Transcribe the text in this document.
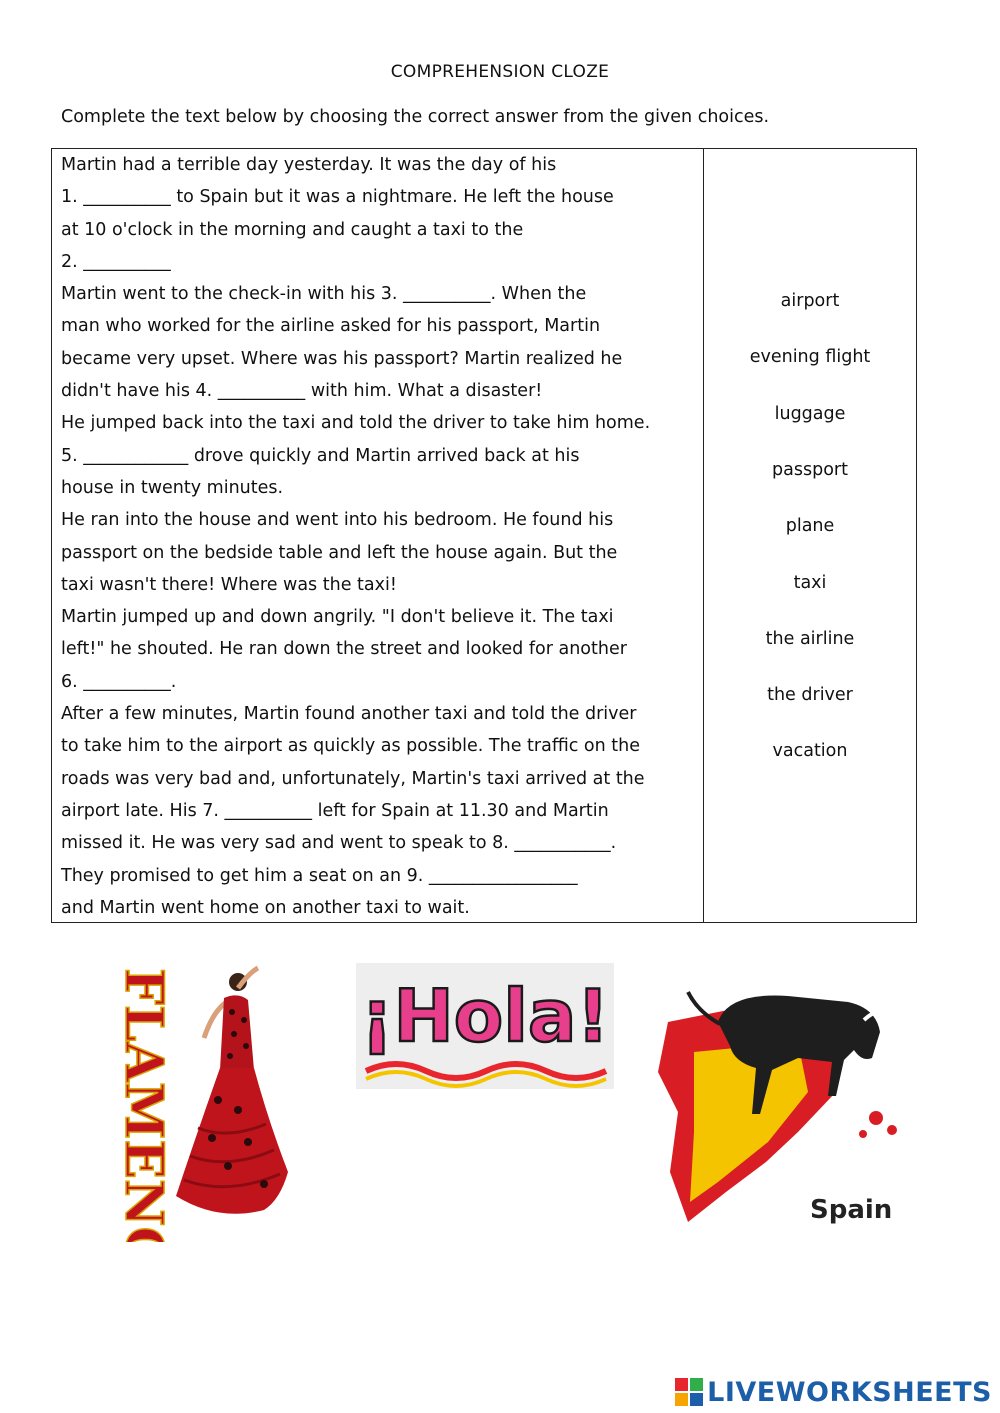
COMPREHENSION CLOZE
Complete the text below by choosing the correct answer from the given choices.
Martin had a terrible day yesterday. It was the day of his
1. __________ to Spain but it was a nightmare. He left the house
at 10 o'clock in the morning and caught a taxi to the
2. __________
Martin went to the check-in with his 3. __________. When the
man who worked for the airline asked for his passport, Martin
became very upset. Where was his passport? Martin realized he
didn't have his 4. __________ with him. What a disaster!
He jumped back into the taxi and told the driver to take him home.
5. ____________ drove quickly and Martin arrived back at his
house in twenty minutes.
He ran into the house and went into his bedroom. He found his
passport on the bedside table and left the house again. But the
taxi wasn't there! Where was the taxi!
Martin jumped up and down angrily. "I don't believe it. The taxi
left!" he shouted. He ran down the street and looked for another
6. __________.
After a few minutes, Martin found another taxi and told the driver
to take him to the airport as quickly as possible. The traffic on the
roads was very bad and, unfortunately, Martin's taxi arrived at the
airport late. His 7. __________ left for Spain at 11.30 and Martin
missed it. He was very sad and went to speak to 8. ___________.
They promised to get him a seat on an 9. _________________
and Martin went home on another taxi to wait.
airport
evening flight
luggage
passport
plane
taxi
the airline
the driver
vacation
FLAMENCO	¡Hola!
Spain
LIVEWORKSHEETS
